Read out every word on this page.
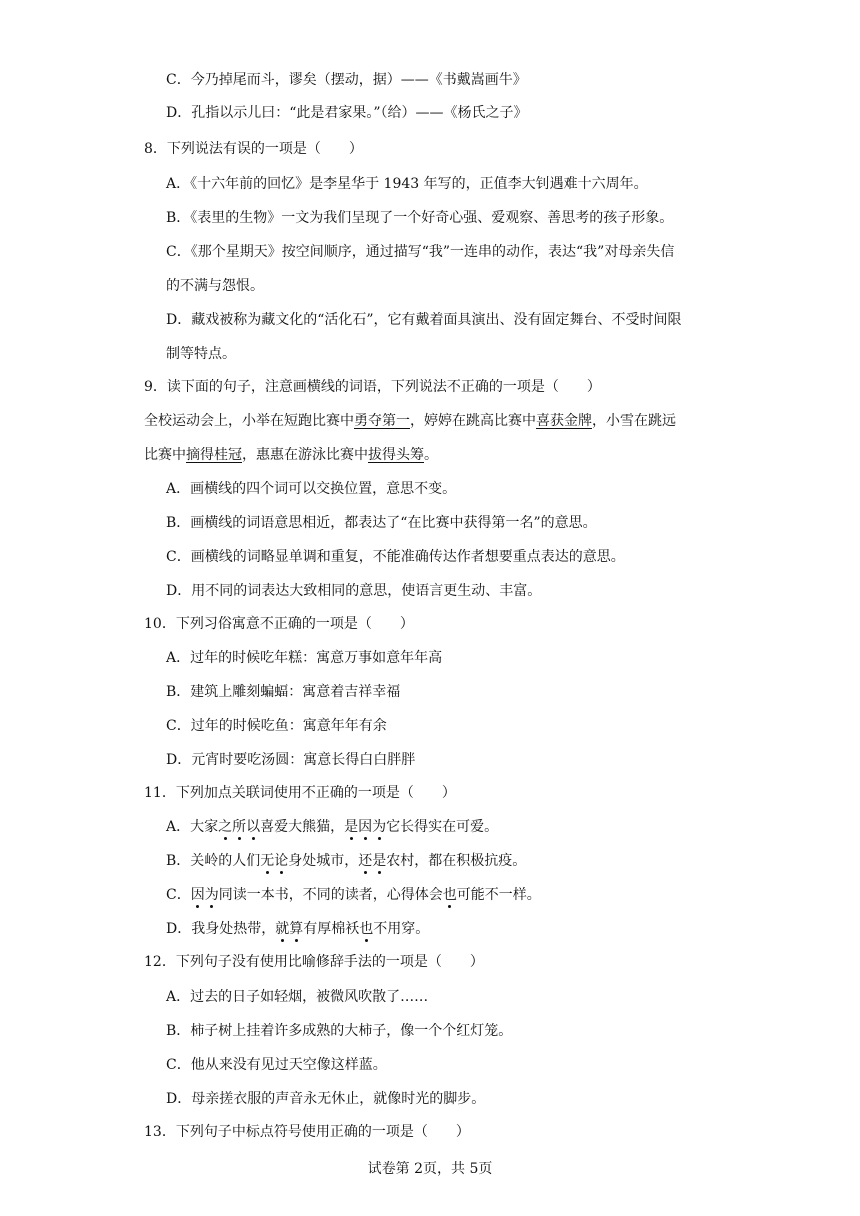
C．今乃掉尾而斗，谬矣（摆动，据）——《书戴嵩画牛》
D．孔指以示儿曰：“此是君家果。”（给）——《杨氏之子》
8．下列说法有误的一项是（　　）
A．《十六年前的回忆》是李星华于 1943 年写的，正值李大钊遇难十六周年。
B．《表里的生物》一文为我们呈现了一个好奇心强、爱观察、善思考的孩子形象。
C．《那个星期天》按空间顺序，通过描写“我”一连串的动作，表达“我”对母亲失信
的不满与怨恨。
D．藏戏被称为藏文化的“活化石”，它有戴着面具演出、没有固定舞台、不受时间限
制等特点。
9．读下面的句子，注意画横线的词语，下列说法不正确的一项是（　　）
全校运动会上，小举在短跑比赛中勇夺第一，婷婷在跳高比赛中喜获金牌，小雪在跳远
比赛中摘得桂冠，惠惠在游泳比赛中拔得头筹。
A．画横线的四个词可以交换位置，意思不变。
B．画横线的词语意思相近，都表达了“在比赛中获得第一名”的意思。
C．画横线的词略显单调和重复，不能准确传达作者想要重点表达的意思。
D．用不同的词表达大致相同的意思，使语言更生动、丰富。
10．下列习俗寓意不正确的一项是（　　）
A．过年的时候吃年糕：寓意万事如意年年高
B．建筑上雕刻蝙蝠：寓意着吉祥幸福
C．过年的时候吃鱼：寓意年年有余
D．元宵时要吃汤圆：寓意长得白白胖胖
11．下列加点关联词使用不正确的一项是（　　）
A．大家之所以喜爱大熊猫，是因为它长得实在可爱。
B．关岭的人们无论身处城市，还是农村，都在积极抗疫。
C．因为同读一本书，不同的读者，心得体会也可能不一样。
D．我身处热带，就算有厚棉袄也不用穿。
12．下列句子没有使用比喻修辞手法的一项是（　　）
A．过去的日子如轻烟，被微风吹散了……
B．柿子树上挂着许多成熟的大柿子，像一个个红灯笼。
C．他从来没有见过天空像这样蓝。
D．母亲搓衣服的声音永无休止，就像时光的脚步。
13．下列句子中标点符号使用正确的一项是（　　）
试卷第 2页，共 5页
